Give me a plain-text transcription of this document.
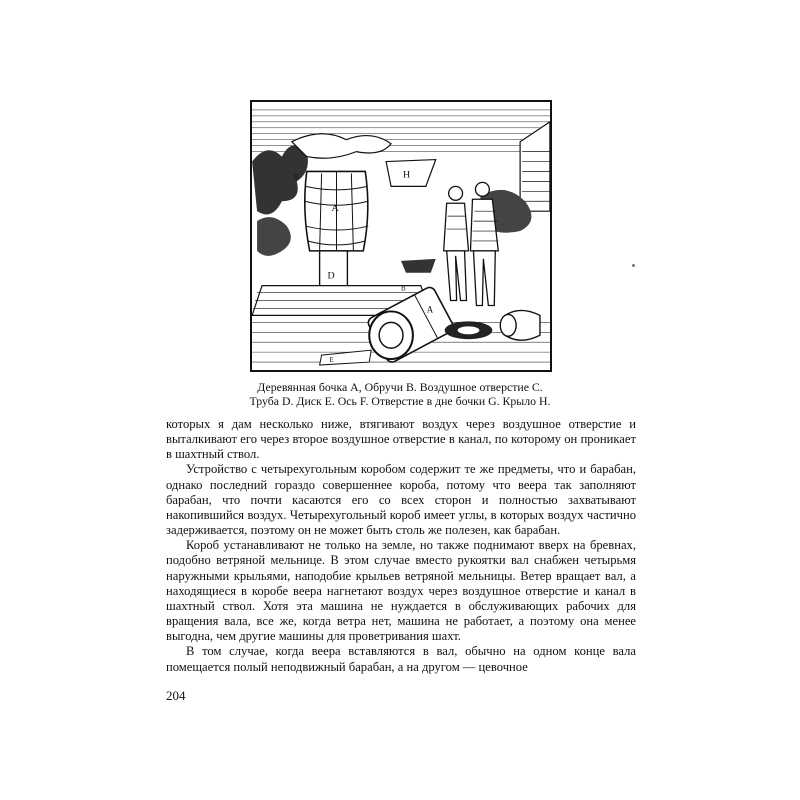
A
B	H
D
B
A
E
Деревянная бочка A, Обручи B. Воздушное отверстие C.
Труба D. Диск E. Ось F. Отверстие в дне бочки G. Крыло H.

которых я дам несколько ниже, втягивают воздух через воздушное отверстие и выталкивают его через второе воздушное отверстие в канал, по которому он проникает в шахтный ствол.

Устройство с четырехугольным коробом содержит те же предметы, что и барабан, однако последний гораздо совершеннее короба, потому что веера так заполняют барабан, что почти касаются его со всех сторон и полностью захватывают накопившийся воздух. Четырехугольный короб имеет углы, в которых воздух частично задерживается, поэтому он не может быть столь же полезен, как барабан.

Короб устанавливают не только на земле, но также поднимают вверх на бревнах, подобно ветряной мельнице. В этом случае вместо рукоятки вал снабжен четырьмя наружными крыльями, наподобие крыльев ветряной мельницы. Ветер вращает вал, а находящиеся в коробе веера нагнетают воздух через воздушное отверстие и канал в шахтный ствол. Хотя эта машина не нуждается в обслуживающих рабочих для вращения вала, все же, когда ветра нет, машина не работает, а поэтому она менее выгодна, чем другие машины для проветривания шахт.

В том случае, когда веера вставляются в вал, обычно на одном конце вала помещается полый неподвижный барабан, а на другом — цевочное

204
